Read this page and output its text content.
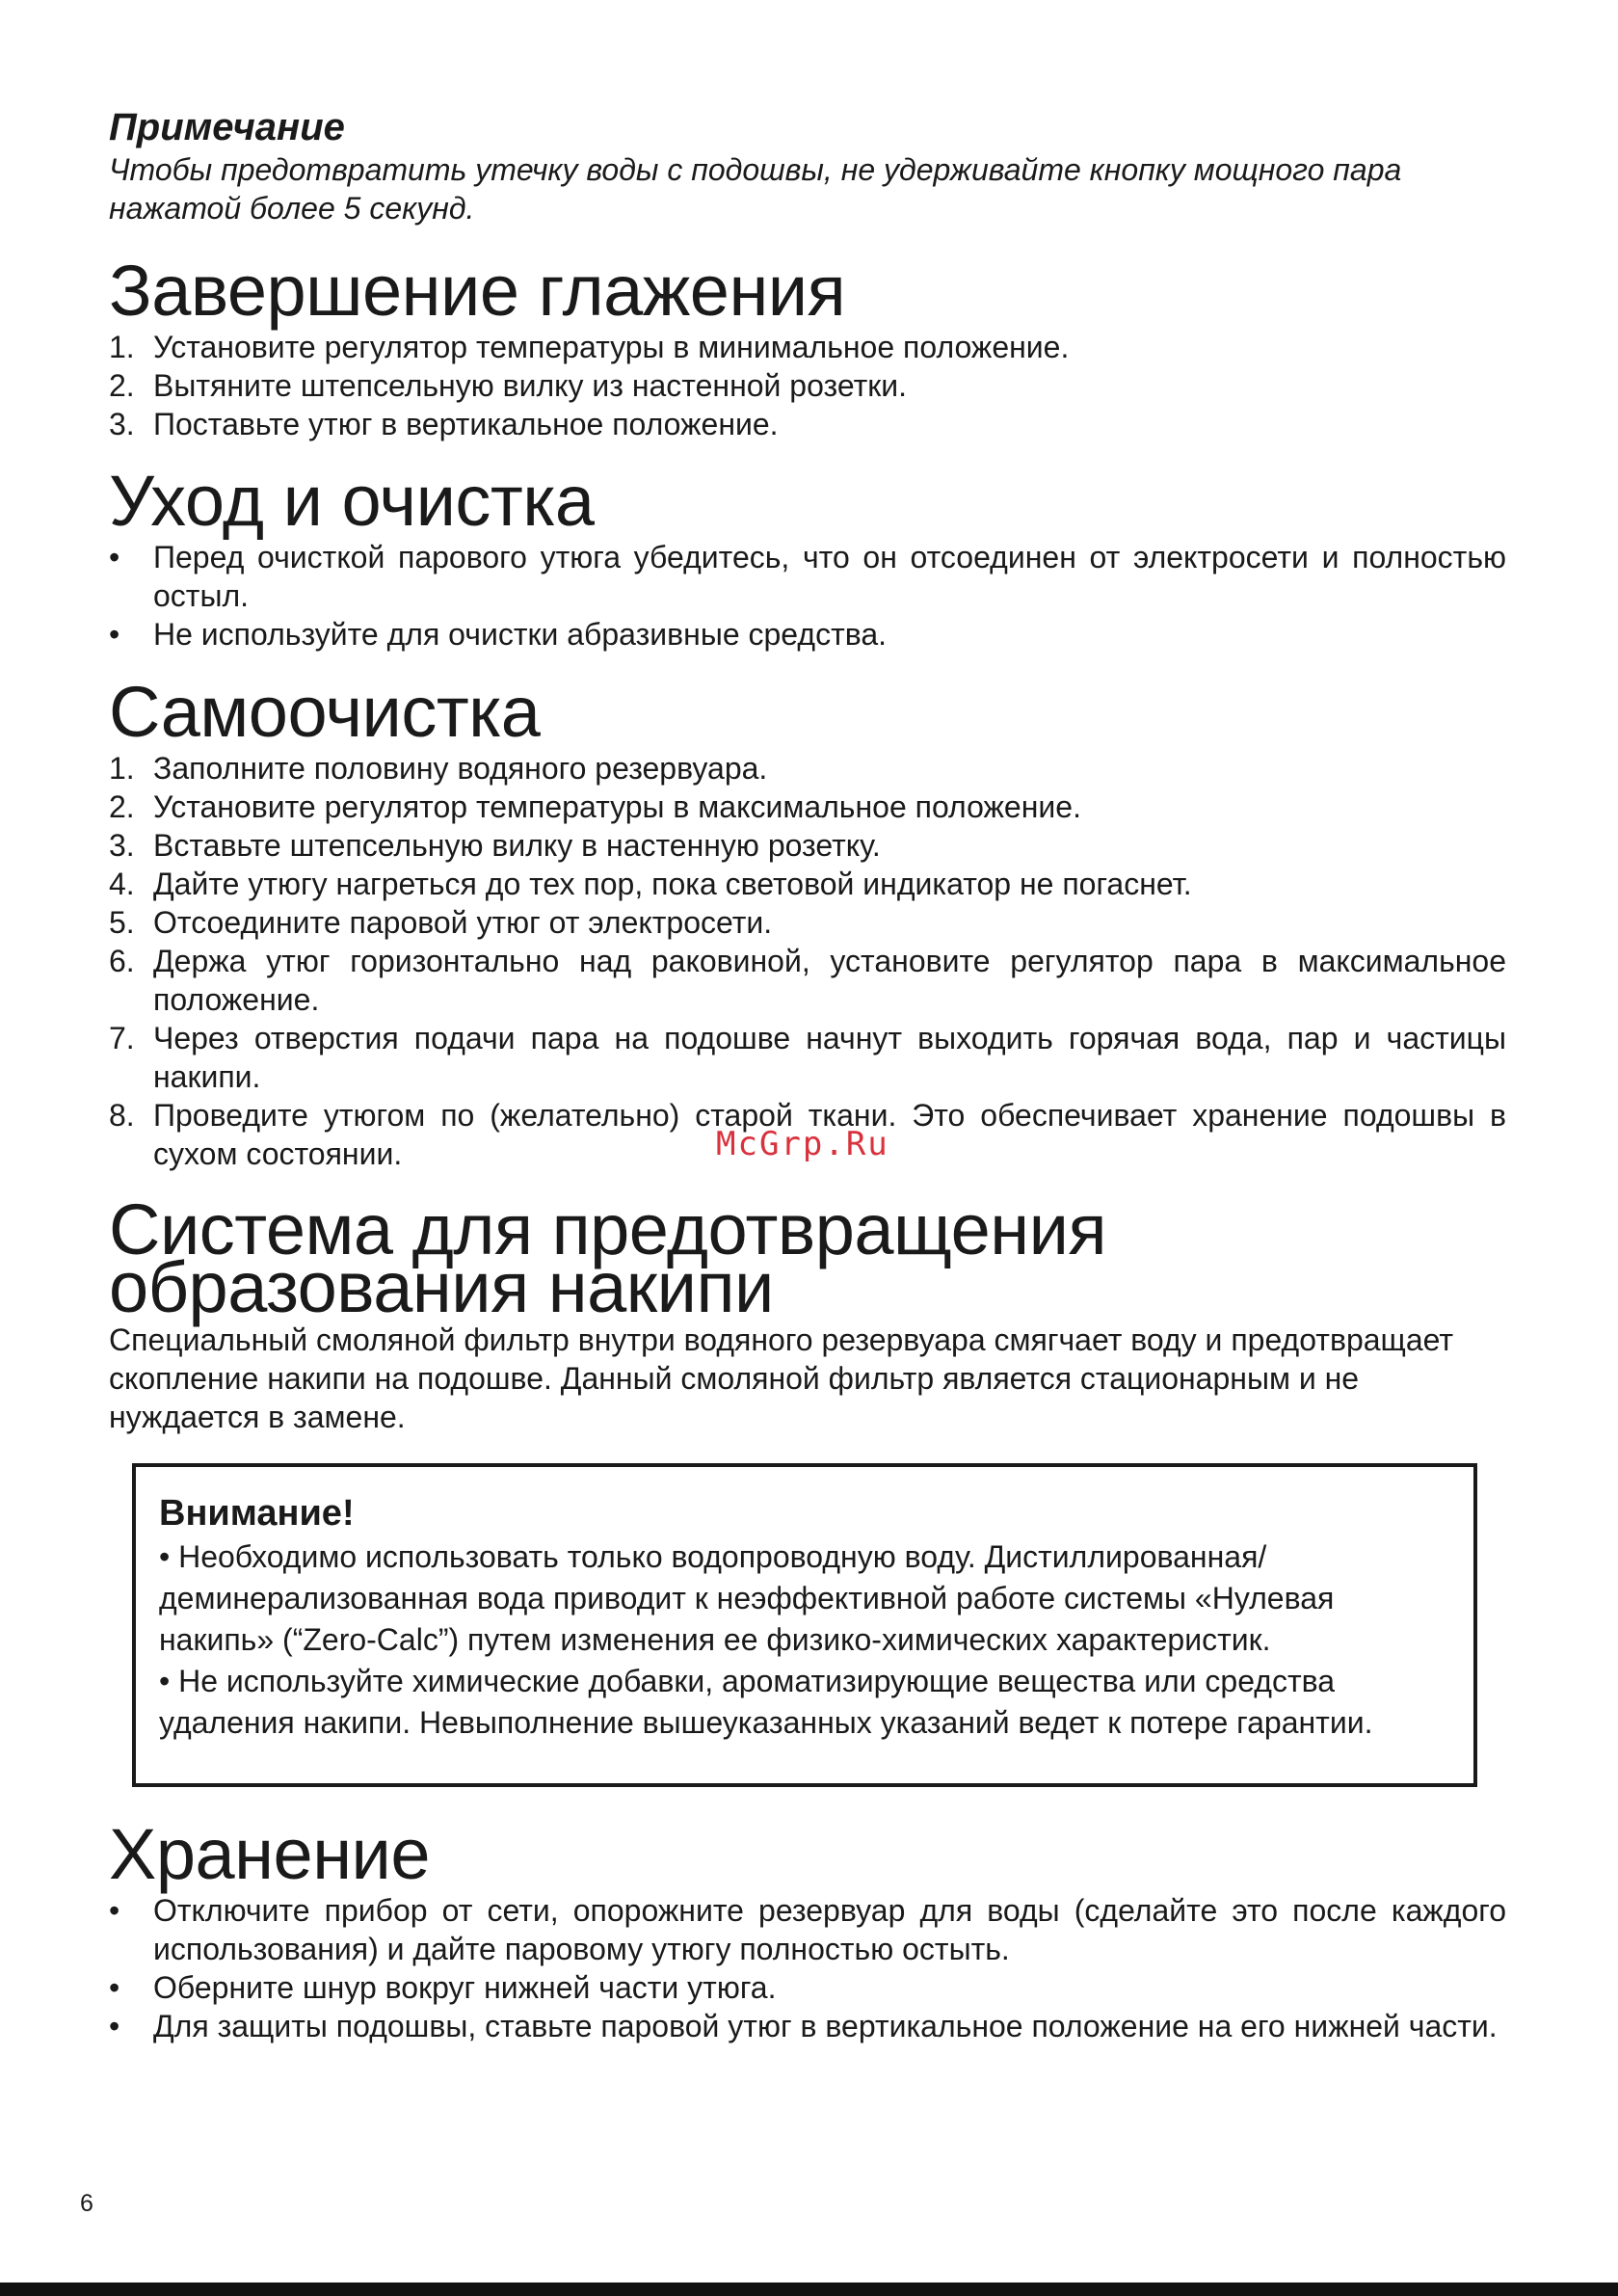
Примечание

Чтобы предотвратить утечку воды с подошвы, не удерживайте кнопку мощного пара нажатой более 5 секунд.

Завершение глажения
1. Установите регулятор температуры в минимальное положение.
2. Вытяните штепсельную вилку из настенной розетки.
3. Поставьте утюг в вертикальное положение.
Уход и очистка
•	Перед очисткой парового утюга убедитесь, что он отсоединен от электросети и полностью остыл.
•	Не используйте для очистки абразивные средства.
Самоочистка
1. Заполните половину водяного резервуара.
2. Установите регулятор температуры в максимальное положение.
3. Вставьте штепсельную вилку в настенную розетку.
4. Дайте утюгу нагреться до тех пор, пока световой индикатор не погаснет.
5. Отсоедините паровой утюг от электросети.
6. Держа утюг горизонтально над раковиной, установите регулятор пара в максимальное положение.
7. Через отверстия подачи пара на подошве начнут выходить горячая вода, пар и частицы накипи.
8. Проведите утюгом по (желательно) старой ткани. Это обеспечивает хранение подошвы в сухом состоянии.	McGrp.Ru
Система для предотвращения образования накипи

Специальный смоляной фильтр внутри водяного резервуара смягчает воду и предотвращает скопление накипи на подошве. Данный смоляной фильтр является стационарным и не нуждается в замене.

Внимание!

• Необходимо использовать только водопроводную воду. Дистиллированная/ деминерализованная вода приводит к неэффективной работе системы «Нулевая накипь» (“Zero-Calc”) путем изменения ее физико-химических характеристик.

• Не используйте химические добавки, ароматизирующие вещества или средства удаления накипи. Невыполнение вышеуказанных указаний ведет к потере гарантии.

Хранение
•	Отключите прибор от сети, опорожните резервуар для воды (сделайте это после каждого использования) и дайте паровому утюгу полностью остыть.
•	Оберните шнур вокруг нижней части утюга.
•	Для защиты подошвы, ставьте паровой утюг в вертикальное положение на его нижней части.
6
